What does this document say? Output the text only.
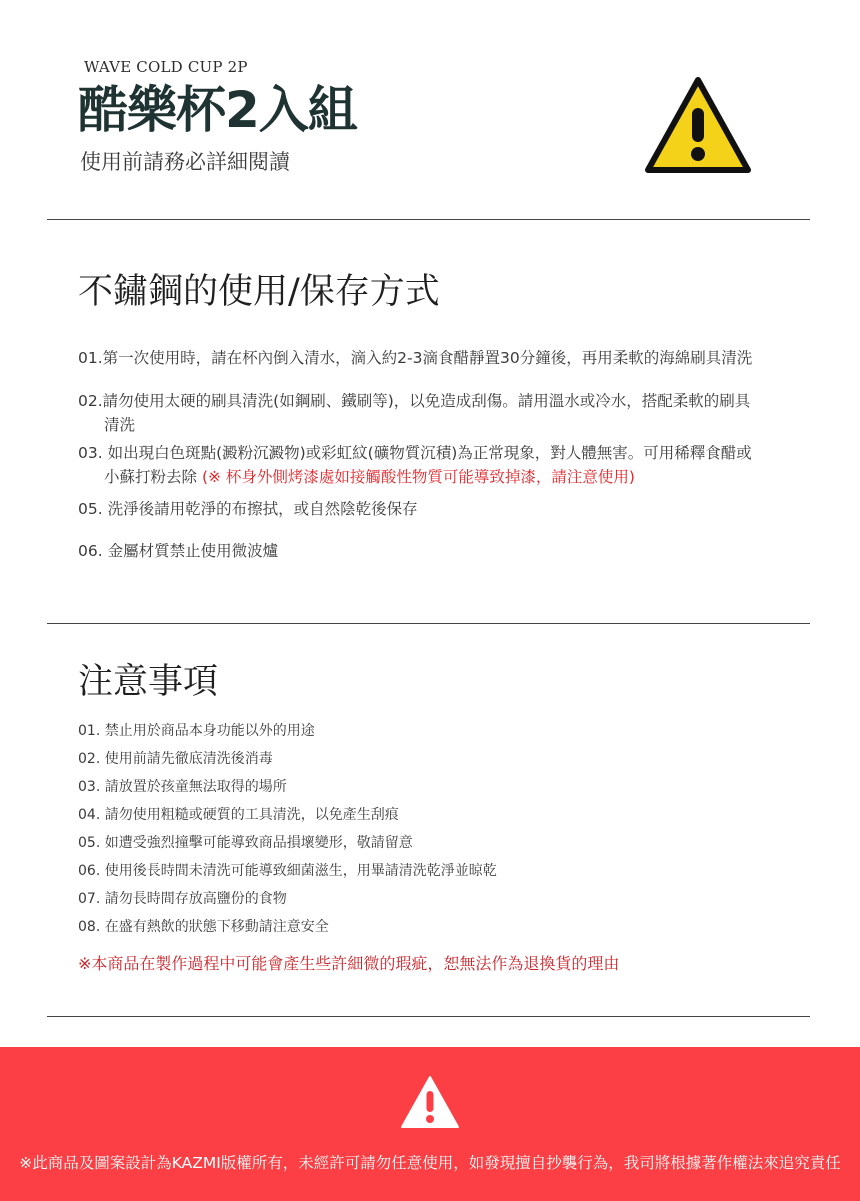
WAVE COLD CUP 2P
酷樂杯2入組
使用前請務必詳細閱讀
不鏽鋼的使用/保存方式
01.第一次使用時，請在杯內倒入清水，滴入約2-3滴食醋靜置30分鐘後，再用柔軟的海綿刷具清洗
02.請勿使用太硬的刷具清洗(如鋼刷、鐵刷等)，以免造成刮傷。請用溫水或冷水，搭配柔軟的刷具
清洗
03. 如出現白色斑點(澱粉沉澱物)或彩虹紋(礦物質沉積)為正常現象，對人體無害。可用稀釋食醋或
小蘇打粉去除 (※ 杯身外側烤漆處如接觸酸性物質可能導致掉漆，請注意使用)
05. 洗淨後請用乾淨的布擦拭，或自然陰乾後保存
06. 金屬材質禁止使用微波爐
注意事項
01. 禁止用於商品本身功能以外的用途
02. 使用前請先徹底清洗後消毒
03. 請放置於孩童無法取得的場所
04. 請勿使用粗糙或硬質的工具清洗，以免產生刮痕
05. 如遭受強烈撞擊可能導致商品損壞變形，敬請留意
06. 使用後長時間未清洗可能導致細菌滋生，用畢請清洗乾淨並晾乾
07. 請勿長時間存放高鹽份的食物
08. 在盛有熱飲的狀態下移動請注意安全
※本商品在製作過程中可能會產生些許細微的瑕疵，恕無法作為退換貨的理由
※此商品及圖案設計為KAZMI版權所有，未經許可請勿任意使用，如發現擅自抄襲行為，我司將根據著作權法來追究責任
